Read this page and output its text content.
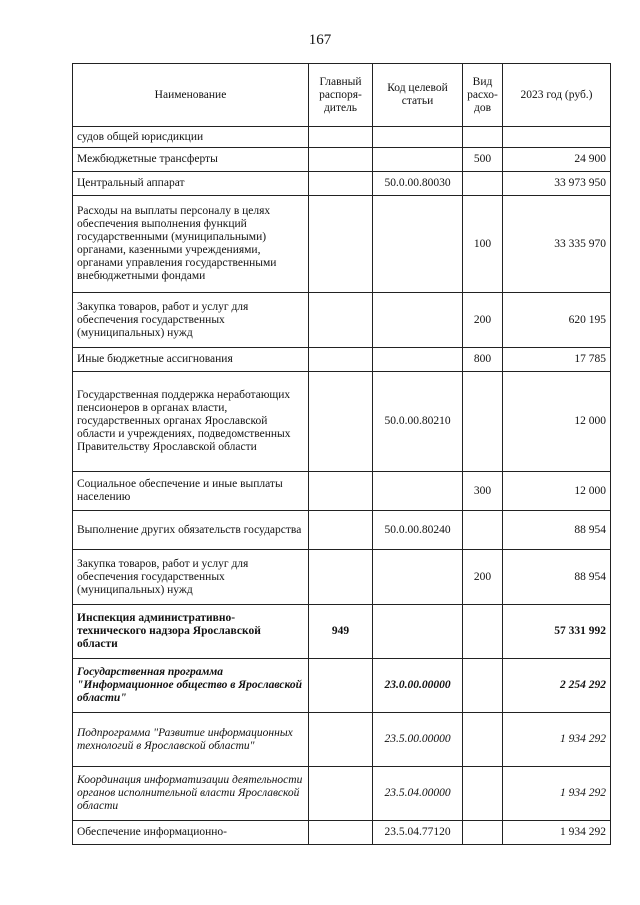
167
Наименование	Главный распоря-дитель	Код целевой статьи	Вид расхо-дов	2023 год (руб.)
судов общей юрисдикции				
Межбюджетные трансферты			500	24 900
Центральный аппарат		50.0.00.80030		33 973 950
Расходы на выплаты персоналу в целях обеспечения выполнения функций государственными (муниципальными) органами, казенными учреждениями, органами управления государственными внебюджетными фондами			100	33 335 970
Закупка товаров, работ и услуг для обеспечения государственных (муниципальных) нужд			200	620 195
Иные бюджетные ассигнования			800	17 785
Государственная поддержка неработающих пенсионеров в органах власти, государственных органах Ярославской области и учреждениях, подведомственных Правительству Ярославской области		50.0.00.80210		12 000
Социальное обеспечение и иные выплаты населению			300	12 000
Выполнение других обязательств государства		50.0.00.80240		88 954
Закупка товаров, работ и услуг для обеспечения государственных (муниципальных) нужд			200	88 954
Инспекция административно-технического надзора Ярославской области	949			57 331 992
Государственная программа "Информационное общество в Ярославской области"		23.0.00.00000		2 254 292
Подпрограмма "Развитие информационных технологий в Ярославской области"		23.5.00.00000		1 934 292
Координация информатизации деятельности органов исполнительной власти Ярославской области		23.5.04.00000		1 934 292
Обеспечение информационно-		23.5.04.77120		1 934 292
